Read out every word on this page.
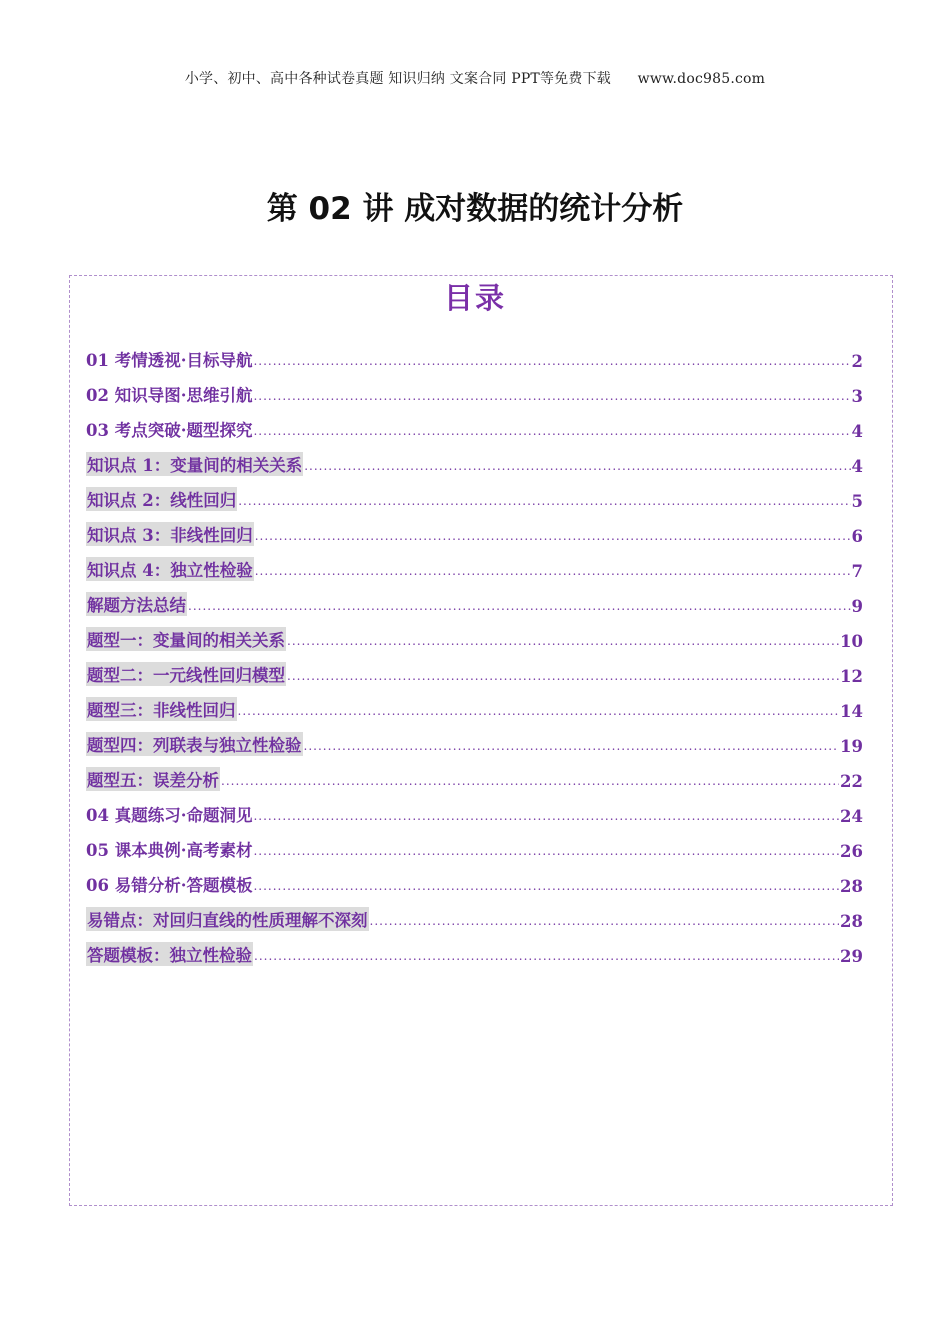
小学、初中、高中各种试卷真题 知识归纳 文案合同 PPT等免费下载 www.doc985.com
第 02 讲 成对数据的统计分析
目录
01 考情透视·目标导航 .....	2
02 知识导图·思维引航 .....	3
03 考点突破·题型探究 .....	4
知识点 1：变量间的相关关系 .....	4
知识点 2：线性回归 .....	5
知识点 3：非线性回归 .....	6
知识点 4：独立性检验 .....	7
解题方法总结 .....	9
题型一：变量间的相关关系 .....	10
题型二：一元线性回归模型 .....	12
题型三：非线性回归 .....	14
题型四：列联表与独立性检验 .....	19
题型五：误差分析 .....	22
04 真题练习·命题洞见 .....	24
05 课本典例·高考素材 .....	26
06 易错分析·答题模板 .....	28
易错点：对回归直线的性质理解不深刻 .....	28
答题模板：独立性检验 .....	29
